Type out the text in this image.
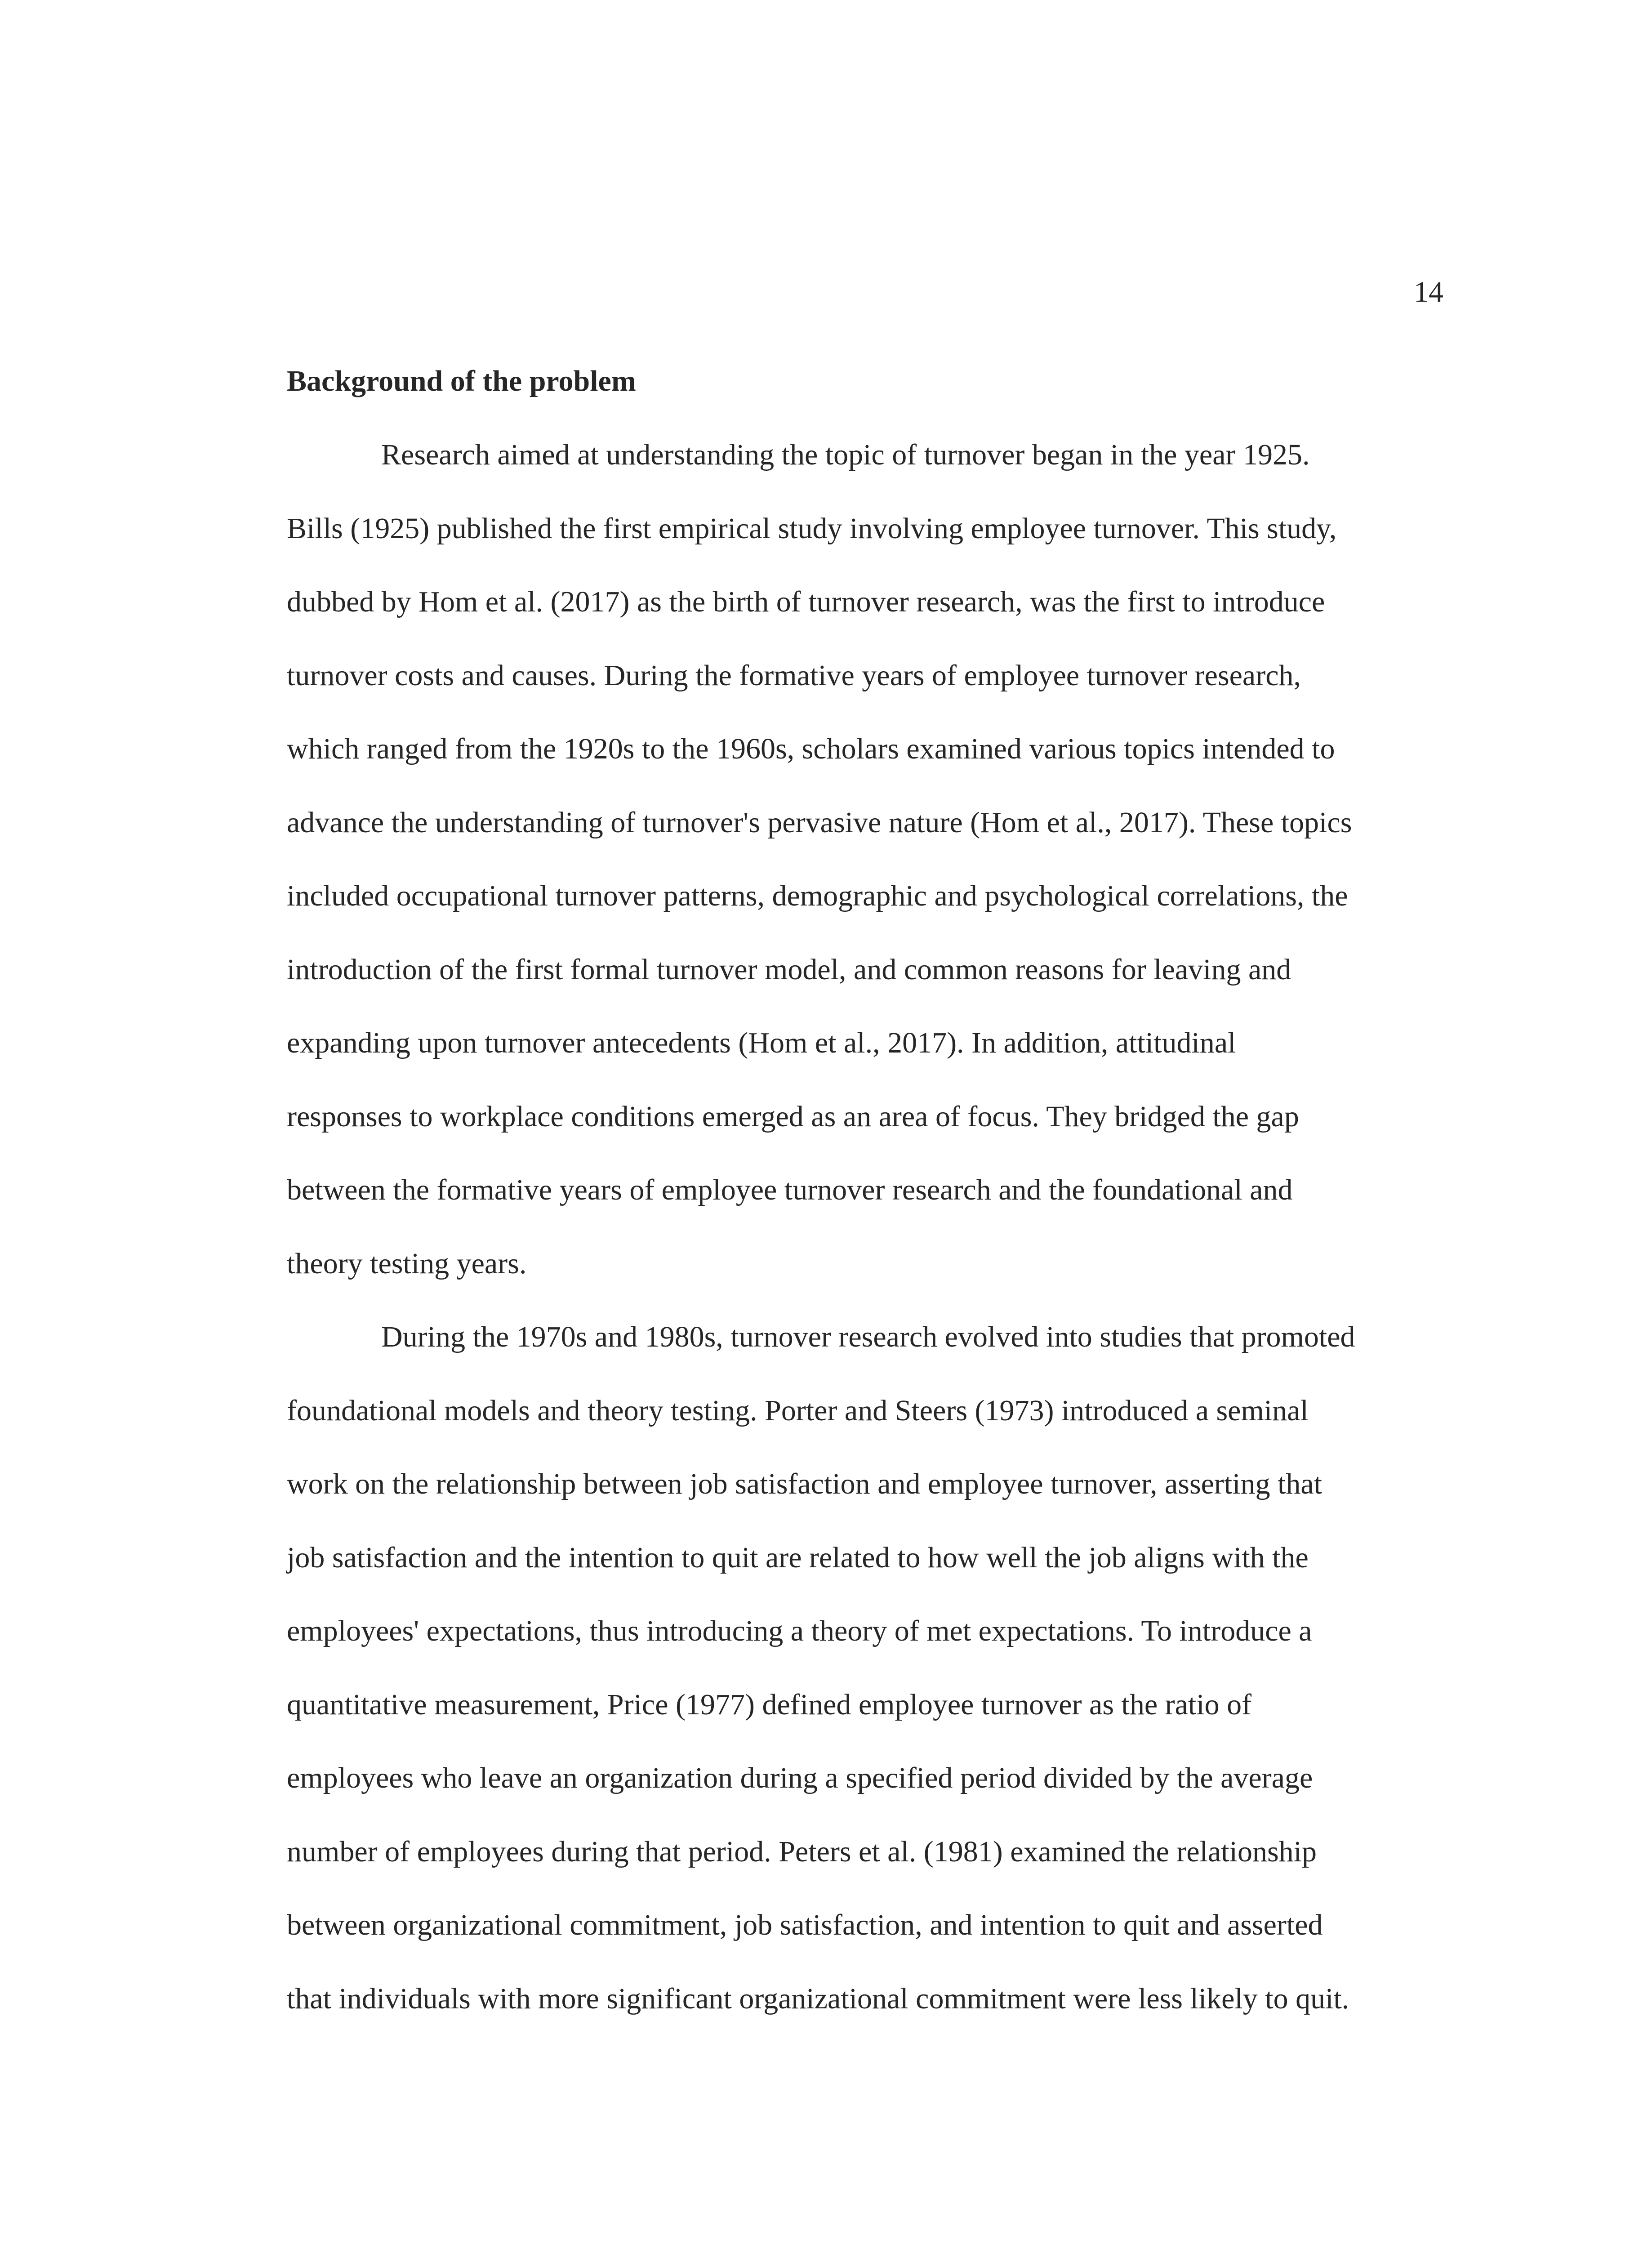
14
Background of the problem
Research aimed at understanding the topic of turnover began in the year 1925.
Bills (1925) published the first empirical study involving employee turnover. This study,
dubbed by Hom et al. (2017) as the birth of turnover research, was the first to introduce
turnover costs and causes. During the formative years of employee turnover research,
which ranged from the 1920s to the 1960s, scholars examined various topics intended to
advance the understanding of turnover's pervasive nature (Hom et al., 2017). These topics
included occupational turnover patterns, demographic and psychological correlations, the
introduction of the first formal turnover model, and common reasons for leaving and
expanding upon turnover antecedents (Hom et al., 2017). In addition, attitudinal
responses to workplace conditions emerged as an area of focus. They bridged the gap
between the formative years of employee turnover research and the foundational and
theory testing years.
During the 1970s and 1980s, turnover research evolved into studies that promoted
foundational models and theory testing. Porter and Steers (1973) introduced a seminal
work on the relationship between job satisfaction and employee turnover, asserting that
job satisfaction and the intention to quit are related to how well the job aligns with the
employees' expectations, thus introducing a theory of met expectations. To introduce a
quantitative measurement, Price (1977) defined employee turnover as the ratio of
employees who leave an organization during a specified period divided by the average
number of employees during that period. Peters et al. (1981) examined the relationship
between organizational commitment, job satisfaction, and intention to quit and asserted
that individuals with more significant organizational commitment were less likely to quit.
